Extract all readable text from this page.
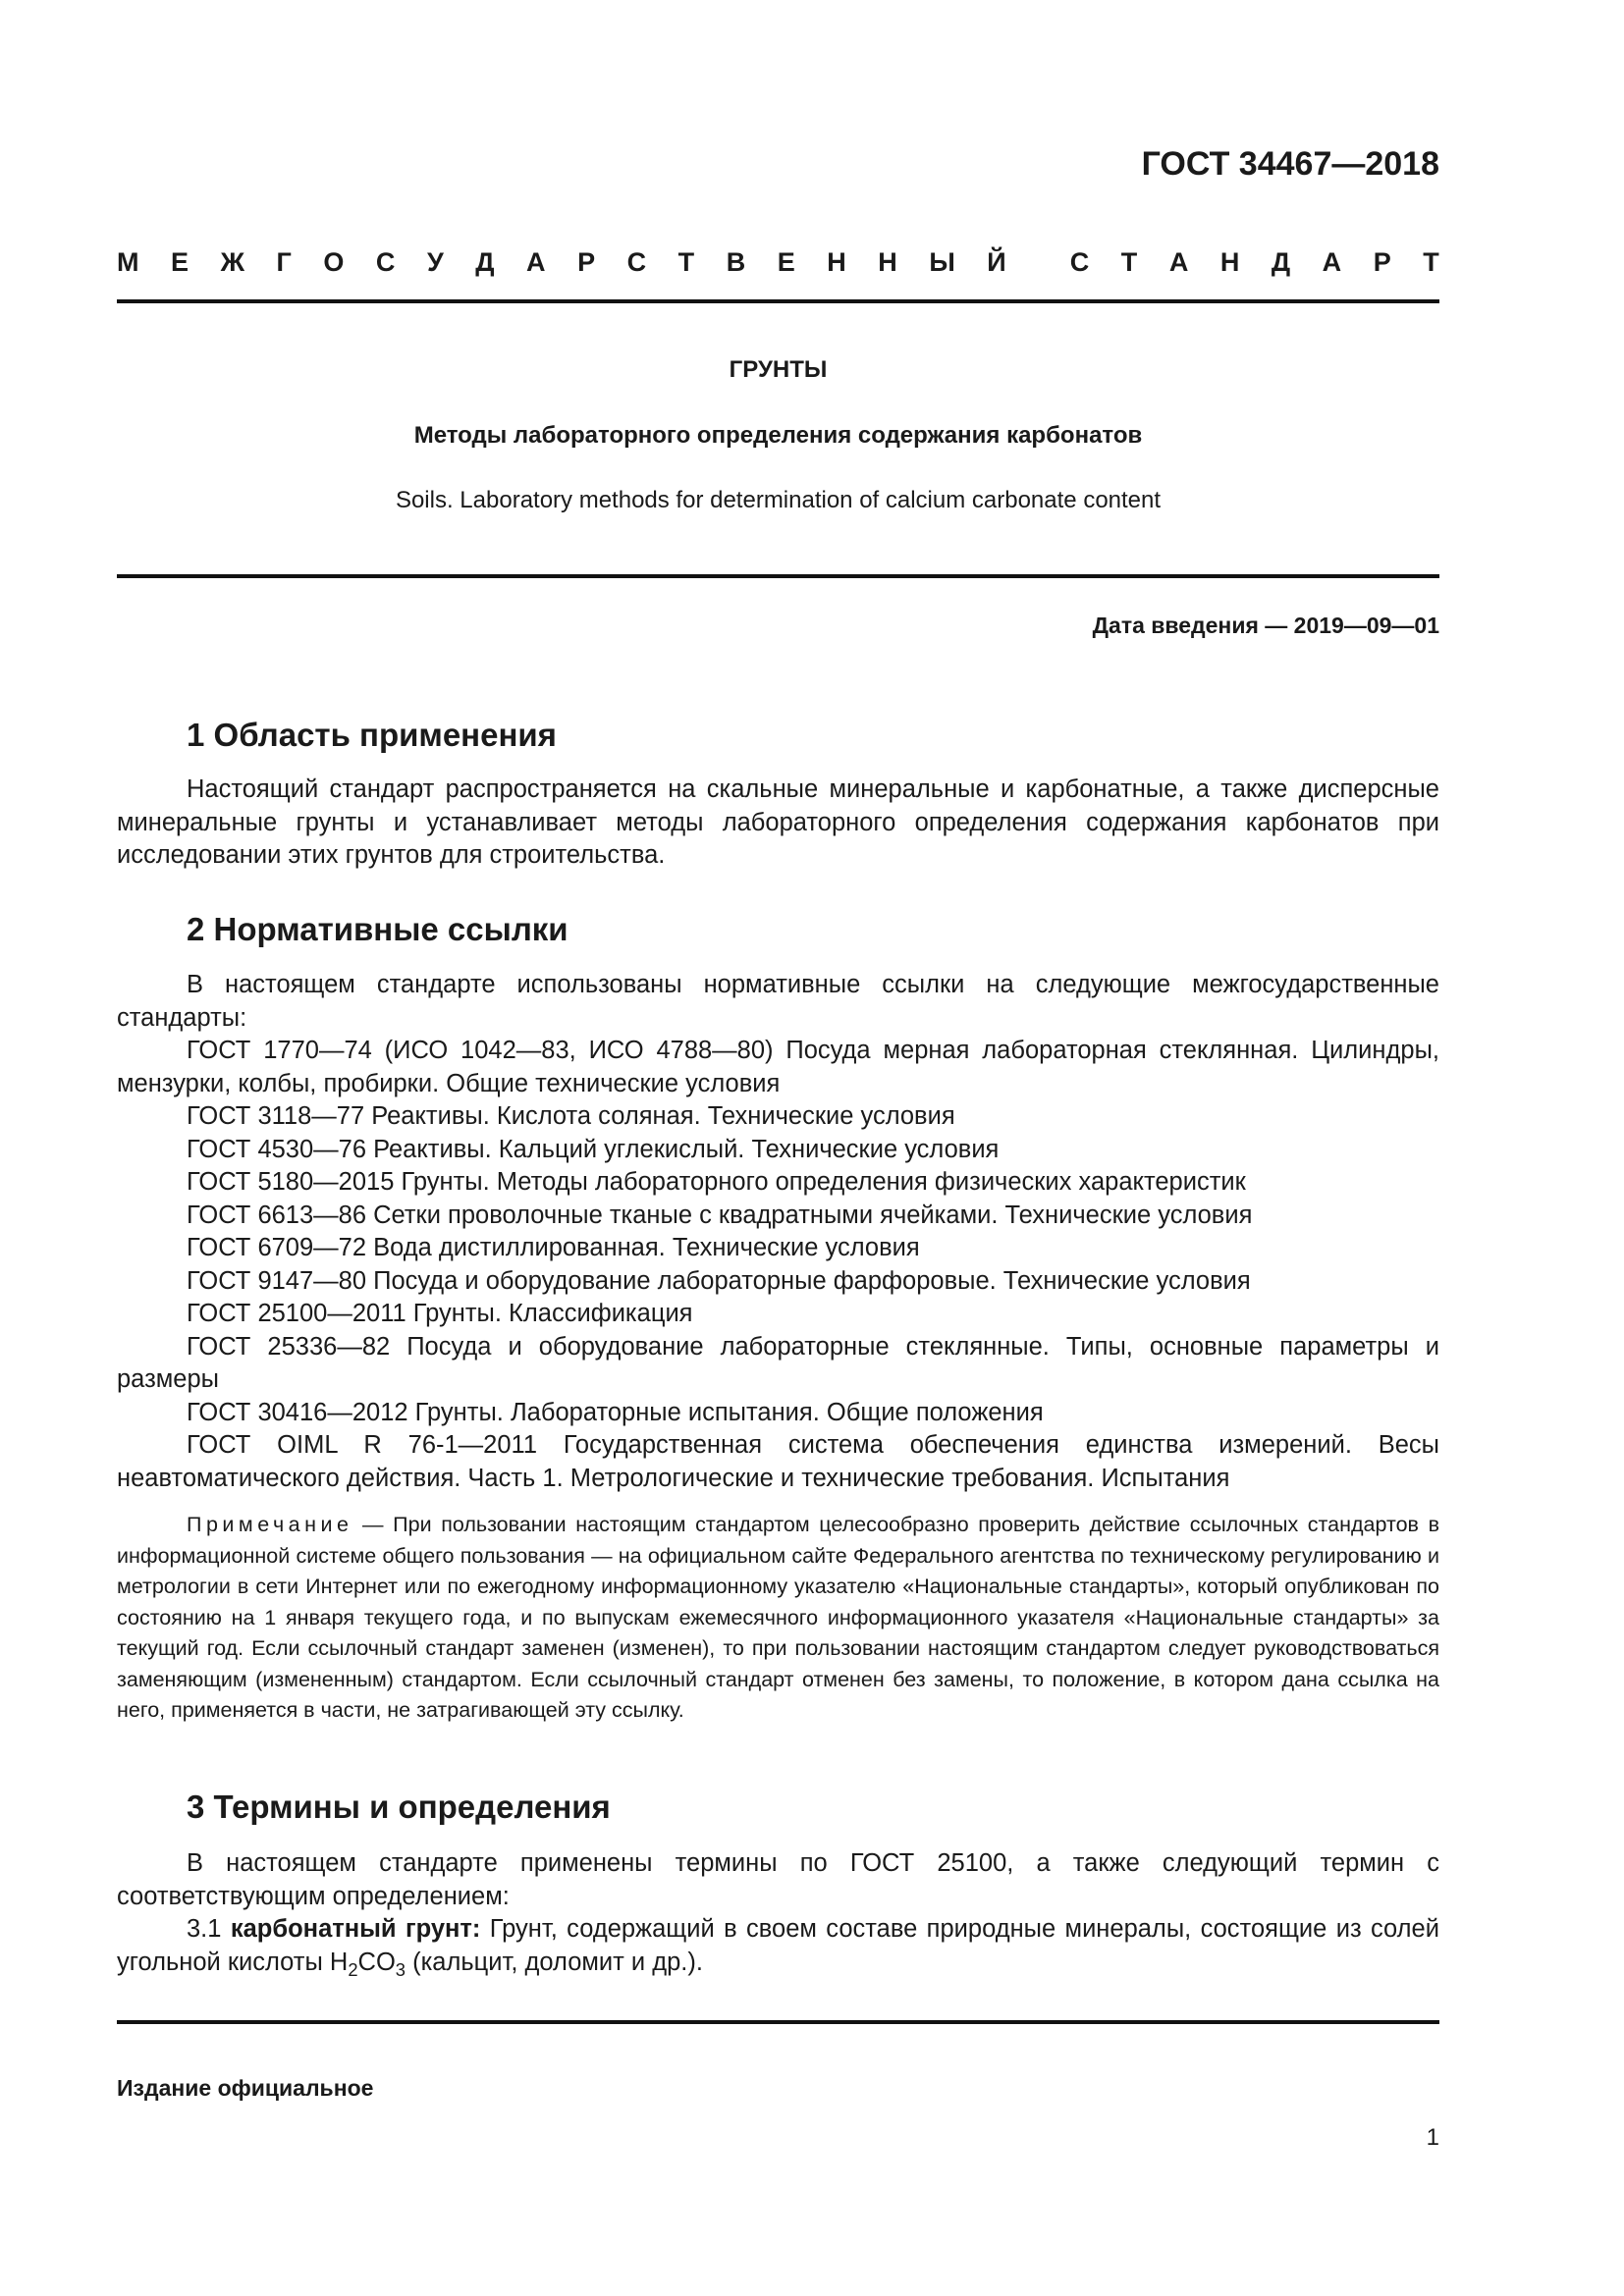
ГОСТ 34467—2018
М Е Ж Г О С У Д А Р С Т В Е Н Н Ы Й С Т А Н Д А Р Т
ГРУНТЫ
Методы лабораторного определения содержания карбонатов
Soils. Laboratory methods for determination of calcium carbonate content
Дата введения — 2019—09—01
1 Область применения

Настоящий стандарт распространяется на скальные минеральные и карбонатные, а также дисперсные минеральные грунты и устанавливает методы лабораторного определения содержания карбонатов при исследовании этих грунтов для строительства.

2 Нормативные ссылки

В настоящем стандарте использованы нормативные ссылки на следующие межгосударственные стандарты:

ГОСТ 1770—74 (ИСО 1042—83, ИСО 4788—80) Посуда мерная лабораторная стеклянная. Цилиндры, мензурки, колбы, пробирки. Общие технические условия

ГОСТ 3118—77 Реактивы. Кислота соляная. Технические условия

ГОСТ 4530—76 Реактивы. Кальций углекислый. Технические условия

ГОСТ 5180—2015 Грунты. Методы лабораторного определения физических характеристик

ГОСТ 6613—86 Сетки проволочные тканые с квадратными ячейками. Технические условия

ГОСТ 6709—72 Вода дистиллированная. Технические условия

ГОСТ 9147—80 Посуда и оборудование лабораторные фарфоровые. Технические условия

ГОСТ 25100—2011 Грунты. Классификация

ГОСТ 25336—82 Посуда и оборудование лабораторные стеклянные. Типы, основные параметры и размеры

ГОСТ 30416—2012 Грунты. Лабораторные испытания. Общие положения

ГОСТ OIML R 76-1—2011 Государственная система обеспечения единства измерений. Весы неавтоматического действия. Часть 1. Метрологические и технические требования. Испытания

Примечание — При пользовании настоящим стандартом целесообразно проверить действие ссылочных стандартов в информационной системе общего пользования — на официальном сайте Федерального агентства по техническому регулированию и метрологии в сети Интернет или по ежегодному информационному указателю «Национальные стандарты», который опубликован по состоянию на 1 января текущего года, и по выпускам ежемесячного информационного указателя «Национальные стандарты» за текущий год. Если ссылочный стандарт заменен (изменен), то при пользовании настоящим стандартом следует руководствоваться заменяющим (измененным) стандартом. Если ссылочный стандарт отменен без замены, то положение, в котором дана ссылка на него, применяется в части, не затрагивающей эту ссылку.

3 Термины и определения

В настоящем стандарте применены термины по ГОСТ 25100, а также следующий термин с соответствующим определением:

3.1 карбонатный грунт: Грунт, содержащий в своем составе природные минералы, состоящие из солей угольной кислоты $H_2CO_3$ (кальцит, доломит и др.).

Издание официальное
1
